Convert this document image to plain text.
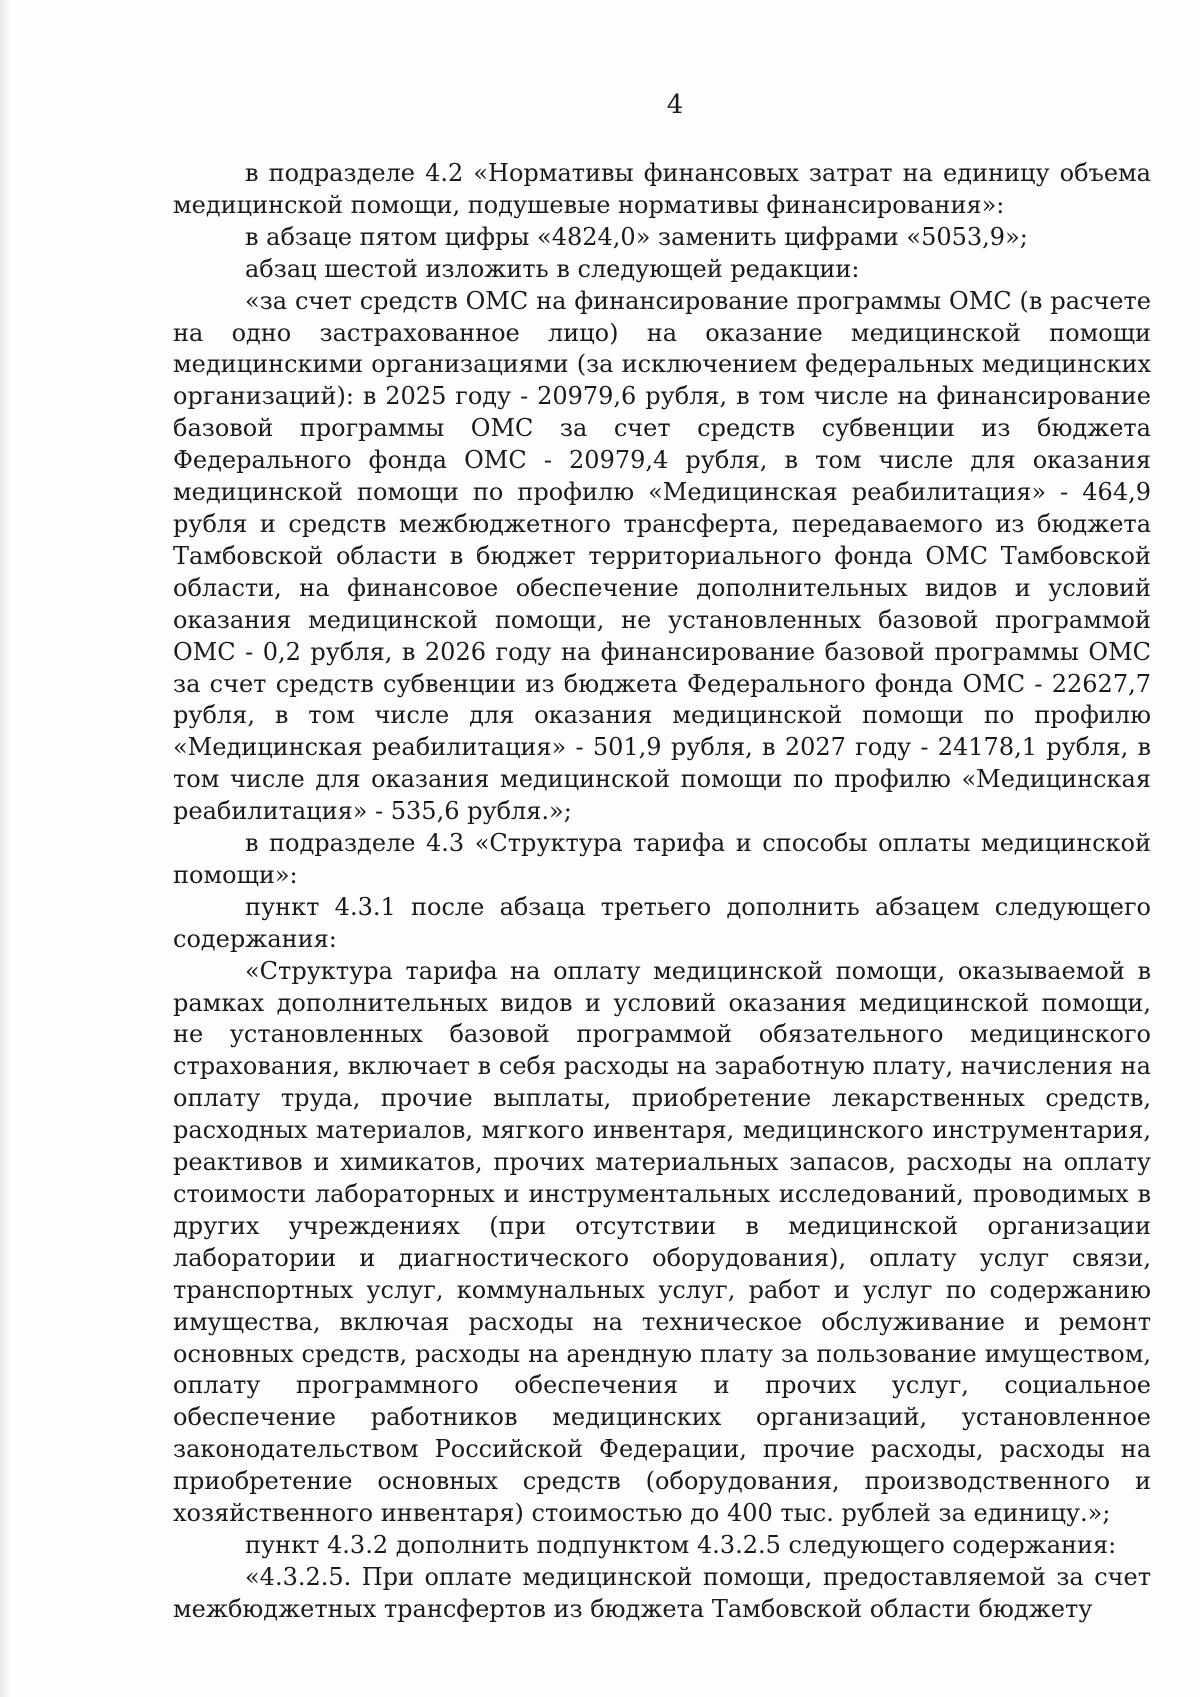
4

в подразделе 4.2 «Нормативы финансовых затрат на единицу объема медицинской помощи, подушевые нормативы финансирования»:

в абзаце пятом цифры «4824,0» заменить цифрами «5053,9»;

абзац шестой изложить в следующей редакции:

«за счет средств ОМС на финансирование программы ОМС (в расчете на одно застрахованное лицо) на оказание медицинской помощи медицинскими организациями (за исключением федеральных медицинских организаций): в 2025 году - 20979,6 рубля, в том числе на финансирование базовой программы ОМС за счет средств субвенции из бюджета Федерального фонда ОМС - 20979,4 рубля, в том числе для оказания медицинской помощи по профилю «Медицинская реабилитация» - 464,9 рубля и средств межбюджетного трансферта, передаваемого из бюджета Тамбовской области в бюджет территориального фонда ОМС Тамбовской области, на финансовое обеспечение дополнительных видов и условий оказания медицинской помощи, не установленных базовой программой ОМС - 0,2 рубля, в 2026 году на финансирование базовой программы ОМС за счет средств субвенции из бюджета Федерального фонда ОМС - 22627,7 рубля, в том числе для оказания медицинской помощи по профилю «Медицинская реабилитация» - 501,9 рубля, в 2027 году - 24178,1 рубля, в том числе для оказания медицинской помощи по профилю «Медицинская реабилитация» - 535,6 рубля.»;

в подразделе 4.3 «Структура тарифа и способы оплаты медицинской помощи»:

пункт 4.3.1 после абзаца третьего дополнить абзацем следующего содержания:

«Структура тарифа на оплату медицинской помощи, оказываемой в рамках дополнительных видов и условий оказания медицинской помощи, не установленных базовой программой обязательного медицинского страхования, включает в себя расходы на заработную плату, начисления на оплату труда, прочие выплаты, приобретение лекарственных средств, расходных материалов, мягкого инвентаря, медицинского инструментария, реактивов и химикатов, прочих материальных запасов, расходы на оплату стоимости лабораторных и инструментальных исследований, проводимых в других учреждениях (при отсутствии в медицинской организации лаборатории и диагностического оборудования), оплату услуг связи, транспортных услуг, коммунальных услуг, работ и услуг по содержанию имущества, включая расходы на техническое обслуживание и ремонт основных средств, расходы на арендную плату за пользование имуществом, оплату программного обеспечения и прочих услуг, социальное обеспечение работников медицинских организаций, установленное законодательством Российской Федерации, прочие расходы, расходы на приобретение основных средств (оборудования, производственного и хозяйственного инвентаря) стоимостью до 400 тыс. рублей за единицу.»;

пункт 4.3.2 дополнить подпунктом 4.3.2.5 следующего содержания:

«4.3.2.5. При оплате медицинской помощи, предоставляемой за счет межбюджетных трансфертов из бюджета Тамбовской области бюджету
